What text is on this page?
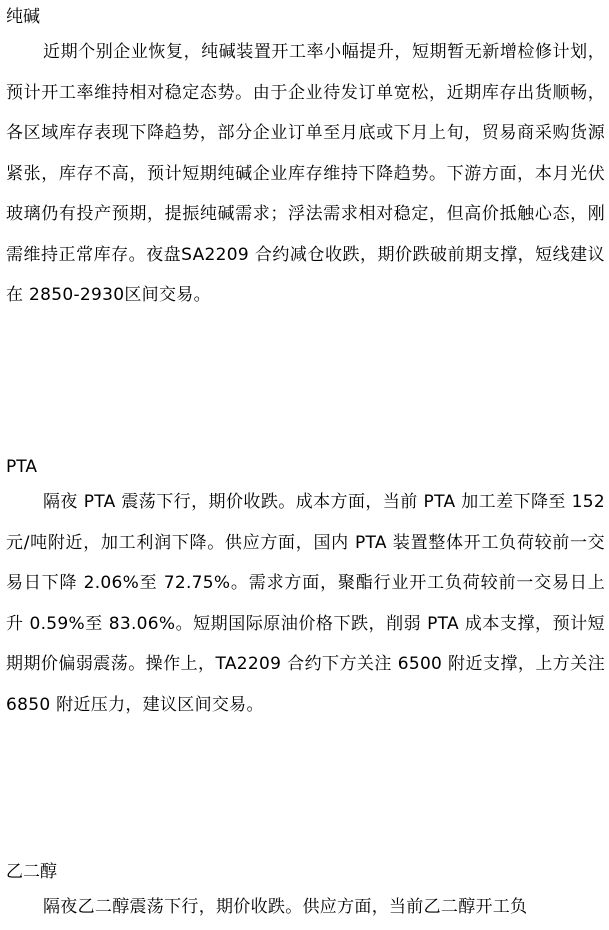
纯碱

近期个别企业恢复，纯碱装置开工率小幅提升，短期暂无新增检修计划，预计开工率维持相对稳定态势。由于企业待发订单宽松，近期库存出货顺畅，各区域库存表现下降趋势，部分企业订单至月底或下月上旬，贸易商采购货源紧张，库存不高，预计短期纯碱企业库存维持下降趋势。下游方面，本月光伏玻璃仍有投产预期，提振纯碱需求；浮法需求相对稳定，但高价抵触心态，刚需维持正常库存。夜盘SA2209 合约减仓收跌，期价跌破前期支撑，短线建议在 2850-2930区间交易。

PTA

隔夜 PTA 震荡下行，期价收跌。成本方面，当前 PTA 加工差下降至 152 元/吨附近，加工利润下降。供应方面，国内 PTA 装置整体开工负荷较前一交易日下降 2.06%至 72.75%。需求方面，聚酯行业开工负荷较前一交易日上升 0.59%至 83.06%。短期国际原油价格下跌，削弱 PTA 成本支撑，预计短期期价偏弱震荡。操作上，TA2209 合约下方关注 6500 附近支撑，上方关注 6850 附近压力，建议区间交易。

乙二醇

隔夜乙二醇震荡下行，期价收跌。供应方面，当前乙二醇开工负
